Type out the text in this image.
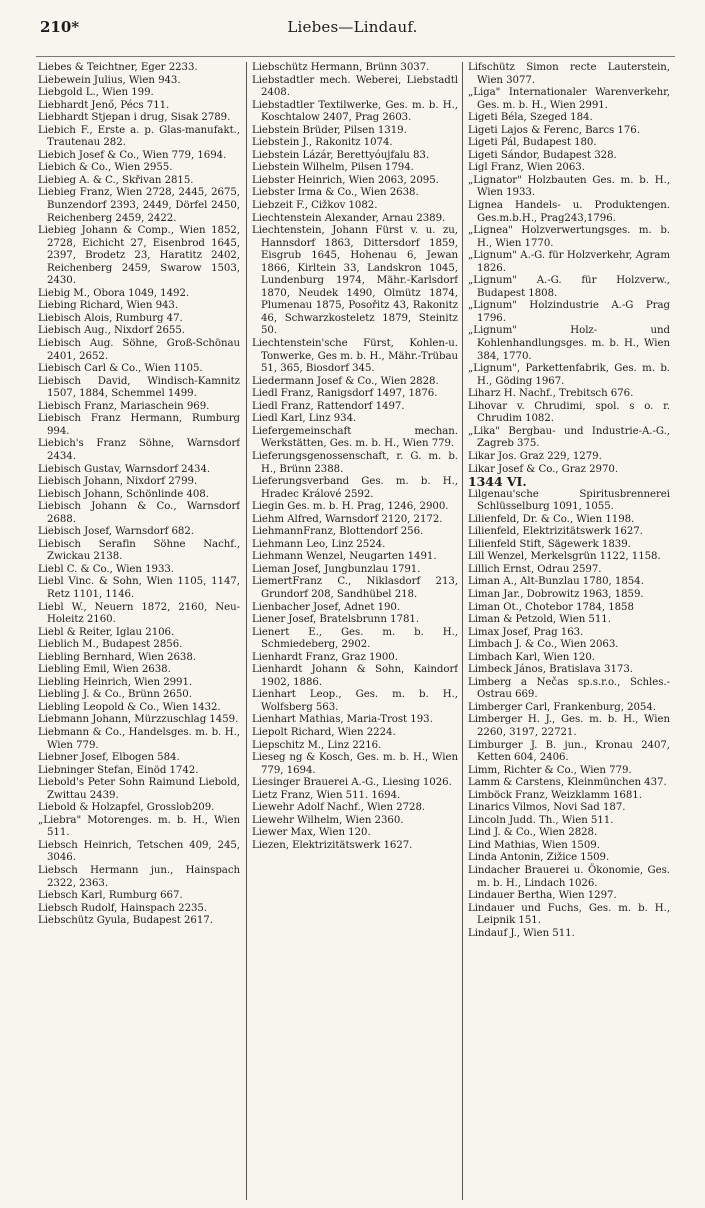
210*	Liebes—Lindauf.

Liebes & Teichtner, Eger 2233.

Liebewein Julius, Wien 943.

Liebgold L., Wien 199.

Liebhardt Jenő, Pécs 711.

Liebhardt Stjepan i drug, Sisak 2789.

Liebich F., Erste a. p. Glas-manufakt., Trautenau 282.

Liebich Josef & Co., Wien 779, 1694.

Liebich & Co., Wien 2955.

Liebieg A. & C., Skřivan 2815.

Liebieg Franz, Wien 2728, 2445, 2675, Bunzendorf 2393, 2449, Dörfel 2450, Reichenberg 2459, 2422.

Liebieg Johann & Comp., Wien 1852, 2728, Eichicht 27, Eisenbrod 1645, 2397, Brodetz 23, Haratitz 2402, Reichenberg 2459, Swarow 1503, 2430.

Liebig M., Obora 1049, 1492.

Liebing Richard, Wien 943.

Liebisch Alois, Rumburg 47.

Liebisch Aug., Nixdorf 2655.

Liebisch Aug. Söhne, Groß-Schönau 2401, 2652.

Liebisch Carl & Co., Wien 1105.

Liebisch David, Windisch-Kamnitz 1507, 1884, Schemmel 1499.

Liebisch Franz, Mariaschein 969.

Liebisch Franz Hermann, Rumburg 994.

Liebich's Franz Söhne, Warnsdorf 2434.

Liebisch Gustav, Warnsdorf 2434.

Liebisch Johann, Nixdorf 2799.

Liebisch Johann, Schönlinde 408.

Liebisch Johann & Co., Warnsdorf 2688.

Liebisch Josef, Warnsdorf 682.

Liebisch Serafin Söhne Nachf., Zwickau 2138.

Liebl C. & Co., Wien 1933.

Liebl Vinc. & Sohn, Wien 1105, 1147, Retz 1101, 1146.

Liebl W., Neuern 1872, 2160, Neu-Holeitz 2160.

Liebl & Reiter, Iglau 2106.

Lieblich M., Budapest 2856.

Liebling Bernhard, Wien 2638.

Liebling Emil, Wien 2638.

Liebling Heinrich, Wien 2991.

Liebling J. & Co., Brünn 2650.

Liebling Leopold & Co., Wien 1432.

Liebmann Johann, Mürzzuschlag 1459.

Liebmann & Co., Handelsges. m. b. H., Wien 779.

Liebner Josef, Elbogen 584.

Liebninger Stefan, Einöd 1742.

Liebold's Peter Sohn Raimund Liebold, Zwittau 2439.

Liebold & Holzapfel, Grosslob209.

„Liebra" Motorenges. m. b. H., Wien 511.

Liebsch Heinrich, Tetschen 409, 245, 3046.

Liebsch Hermann jun., Hainspach 2322, 2363.

Liebsch Karl, Rumburg 667.

Liebsch Rudolf, Hainspach 2235.

Liebschütz Gyula, Budapest 2617.

Liebschütz Hermann, Brünn 3037.

Liebstadtler mech. Weberei, Liebstadtl 2408.

Liebstadtler Textilwerke, Ges. m. b. H., Koschtalow 2407, Prag 2603.

Liebstein Brüder, Pilsen 1319.

Liebstein J., Rakonitz 1074.

Liebstein Lázár, Berettyóujfalu 83.

Liebstein Wilhelm, Pilsen 1794.

Liebster Heinrich, Wien 2063, 2095.

Liebster Irma & Co., Wien 2638.

Liebzeit F., Cižkov 1082.

Liechtenstein Alexander, Arnau 2389.

Liechtenstein, Johann Fürst v. u. zu, Hannsdorf 1863, Dittersdorf 1859, Eisgrub 1645, Hohenau 6, Jewan 1866, Kirltein 33, Landskron 1045, Lundenburg 1974, Mähr.-Karlsdorf 1870, Neudek 1490, Olmütz 1874, Plumenau 1875, Posořitz 43, Rakonitz 46, Schwarzkosteletz 1879, Steinitz 50.

Liechtenstein'sche Fürst, Kohlen-u. Tonwerke, Ges m. b. H., Mähr.-Trübau 51, 365, Biosdorf 345.

Liedermann Josef & Co., Wien 2828.

Liedl Franz, Ranigsdorf 1497, 1876.

Liedl Franz, Rattendorf 1497.

Liedl Karl, Linz 934.

Liefergemeinschaft mechan. Werkstätten, Ges. m. b. H., Wien 779.

Lieferungsgenossenschaft, r. G. m. b. H., Brünn 2388.

Lieferungsverband Ges. m. b. H., Hradec Králové 2592.

Liegin Ges. m. b. H. Prag, 1246, 2900.

Liehm Alfred, Warnsdorf 2120, 2172.

LiehmannFranz, Blottendorf 256.

Liehmann Leo, Linz 2524.

Liehmann Wenzel, Neugarten 1491.

Lieman Josef, Jungbunzlau 1791.

LiemertFranz C., Niklasdorf 213, Grundorf 208, Sandhübel 218.

Lienbacher Josef, Adnet 190.

Liener Josef, Bratelsbrunn 1781.

Lienert E., Ges. m. b. H., Schmiedeberg, 2902.

Lienhardt Franz, Graz 1900.

Lienhardt Johann & Sohn, Kaindorf 1902, 1886.

Lienhart Leop., Ges. m. b. H., Wolfsberg 563.

Lienhart Mathias, Maria-Trost 193.

Liepolt Richard, Wien 2224.

Liepschitz M., Linz 2216.

Lieseg ng & Kosch, Ges. m. b. H., Wien 779, 1694.

Liesinger Brauerei A.-G., Liesing 1026.

Lietz Franz, Wien 511. 1694.

Liewehr Adolf Nachf., Wien 2728.

Liewehr Wilhelm, Wien 2360.

Liewer Max, Wien 120.

Liezen, Elektrizitätswerk 1627.

Lifschütz Simon recte Lauterstein, Wien 3077.

„Liga" Internationaler Warenverkehr, Ges. m. b. H., Wien 2991.

Ligeti Béla, Szeged 184.

Ligeti Lajos & Ferenc, Barcs 176.

Ligeti Pál, Budapest 180.

Ligeti Sándor, Budapest 328.

Ligl Franz, Wien 2063.

„Lignator" Holzbauten Ges. m. b. H., Wien 1933.

Lignea Handels- u. Produktengen. Ges.m.b.H., Prag243,1796.

„Lignea" Holzverwertungsges. m. b. H., Wien 1770.

„Lignum" A.-G. für Holzverkehr, Agram 1826.

„Lignum" A.-G. für Holzverw., Budapest 1808.

„Lignum" Holzindustrie A.-G Prag 1796.

„Lignum" Holz- und Kohlenhandlungsges. m. b. H., Wien 384, 1770.

„Lignum", Parkettenfabrik, Ges. m. b. H., Göding 1967.

Liharz H. Nachf., Trebitsch 676.

Lihovar v. Chrudimi, spol. s o. r. Chrudim 1082.

„Lika" Bergbau- und Industrie-A.-G., Zagreb 375.

Likar Jos. Graz 229, 1279.

Likar Josef & Co., Graz 2970.

1344 VI.

Lilgenau'sche Spiritusbrennerei Schlüsselburg 1091, 1055.

Lilienfeld, Dr. & Co., Wien 1198.

Lilienfeld, Elektrizitätswerk 1627.

Lilienfeld Stift, Sägewerk 1839.

Lill Wenzel, Merkelsgrün 1122, 1158.

Lillich Ernst, Odrau 2597.

Liman A., Alt-Bunzlau 1780, 1854.

Liman Jar., Dobrowitz 1963, 1859.

Liman Ot., Chotebor 1784, 1858

Liman & Petzold, Wien 511.

Limax Josef, Prag 163.

Limbach J. & Co., Wien 2063.

Limbach Karl, Wien 120.

Limbeck János, Bratislava 3173.

Limberg a Nečas sp.s.r.o., Schles.-Ostrau 669.

Limberger Carl, Frankenburg, 2054.

Limberger H. J., Ges. m. b. H., Wien 2260, 3197, 22721.

Limburger J. B. jun., Kronau 2407, Ketten 604, 2406.

Limm, Richter & Co., Wien 779.

Lamm & Carstens, Kleinmünchen 437.

Limböck Franz, Weizklamm 1681.

Linarics Vilmos, Novi Sad 187.

Lincoln Judd. Th., Wien 511.

Lind J. & Co., Wien 2828.

Lind Mathias, Wien 1509.

Linda Antonin, Zižice 1509.

Lindacher Brauerei u. Ökonomie, Ges. m. b. H., Lindach 1026.

Lindauer Bertha, Wien 1297.

Lindauer und Fuchs, Ges. m. b. H., Leipnik 151.

Lindauf J., Wien 511.
